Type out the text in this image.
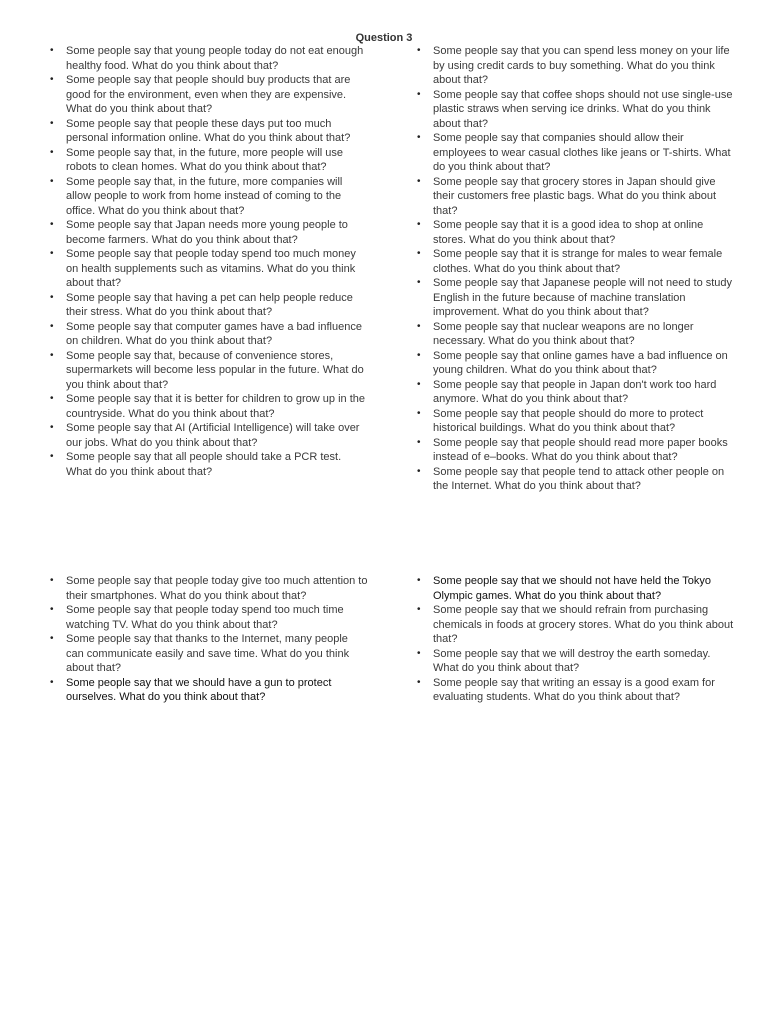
Question 3
•	Some people say that young people today do not eat enough healthy food. What do you think about that?
•	Some people say that people should buy products that are good for the environment, even when they are expensive. What do you think about that?
•	Some people say that people these days put too much personal information online. What do you think about that?
•	Some people say that, in the future, more people will use robots to clean homes. What do you think about that?
•	Some people say that, in the future, more companies will allow people to work from home instead of coming to the office. What do you think about that?
•	Some people say that Japan needs more young people to become farmers. What do you think about that?
•	Some people say that people today spend too much money on health supplements such as vitamins. What do you think about that?
•	Some people say that having a pet can help people reduce their stress. What do you think about that?
•	Some people say that computer games have a bad influence on children. What do you think about that?
•	Some people say that, because of convenience stores, supermarkets will become less popular in the future. What do you think about that?
•	Some people say that it is better for children to grow up in the countryside. What do you think about that?
•	Some people say that AI (Artificial Intelligence) will take over our jobs. What do you think about that?
•	Some people say that all people should take a PCR test. What do you think about that?
•	Some people say that you can spend less money on your life by using credit cards to buy something. What do you think about that?
•	Some people say that coffee shops should not use single-use plastic straws when serving ice drinks. What do you think about that?
•	Some people say that companies should allow their employees to wear casual clothes like jeans or T-shirts. What do you think about that?
•	Some people say that grocery stores in Japan should give their customers free plastic bags. What do you think about that?
•	Some people say that it is a good idea to shop at online stores. What do you think about that?
•	Some people say that it is strange for males to wear female clothes. What do you think about that?
•	Some people say that Japanese people will not need to study English in the future because of machine translation improvement. What do you think about that?
•	Some people say that nuclear weapons are no longer necessary. What do you think about that?
•	Some people say that online games have a bad influence on young children. What do you think about that?
•	Some people say that people in Japan don't work too hard anymore. What do you think about that?
•	Some people say that people should do more to protect historical buildings. What do you think about that?
•	Some people say that people should read more paper books instead of e–books. What do you think about that?
•	Some people say that people tend to attack other people on the Internet. What do you think about that?
•	Some people say that people today give too much attention to their smartphones. What do you think about that?
•	Some people say that people today spend too much time watching TV. What do you think about that?
•	Some people say that thanks to the Internet, many people can communicate easily and save time. What do you think about that?
•	Some people say that we should have a gun to protect ourselves. What do you think about that?
•	Some people say that we should not have held the Tokyo Olympic games. What do you think about that?
•	Some people say that we should refrain from purchasing chemicals in foods at grocery stores. What do you think about that?
•	Some people say that we will destroy the earth someday. What do you think about that?
•	Some people say that writing an essay is a good exam for evaluating students. What do you think about that?
